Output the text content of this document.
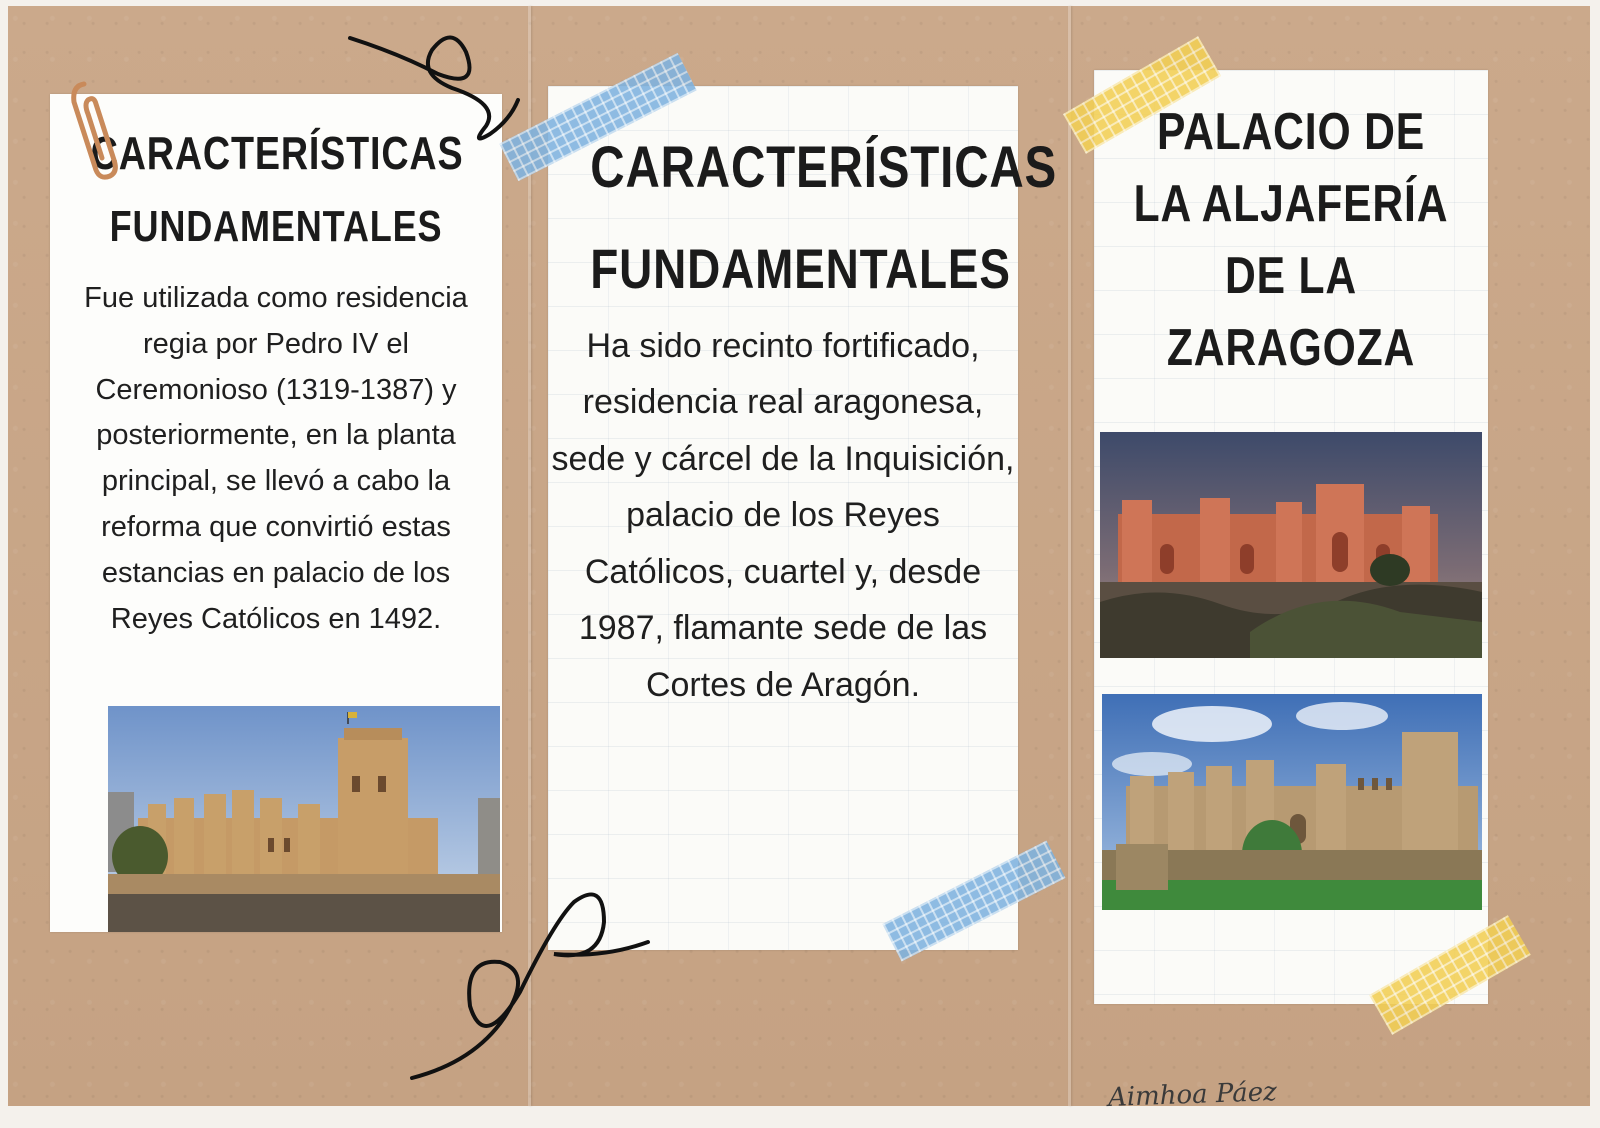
CARACTERÍSTICAS
FUNDAMENTALES
Fue utilizada como residencia regia por Pedro IV el Ceremonioso (1319-1387) y posteriormente, en la planta principal, se llevó a cabo la reforma que convirtió estas estancias en palacio de los Reyes Católicos en 1492.
CARACTERÍSTICAS
FUNDAMENTALES
Ha sido recinto fortificado, residencia real aragonesa, sede y cárcel de la Inquisición, palacio de los Reyes Católicos, cuartel y, desde 1987, flamante sede de las Cortes de Aragón.
PALACIO DE
LA ALJAFERÍA
DE LA
ZARAGOZA
Aimhoa Páez
